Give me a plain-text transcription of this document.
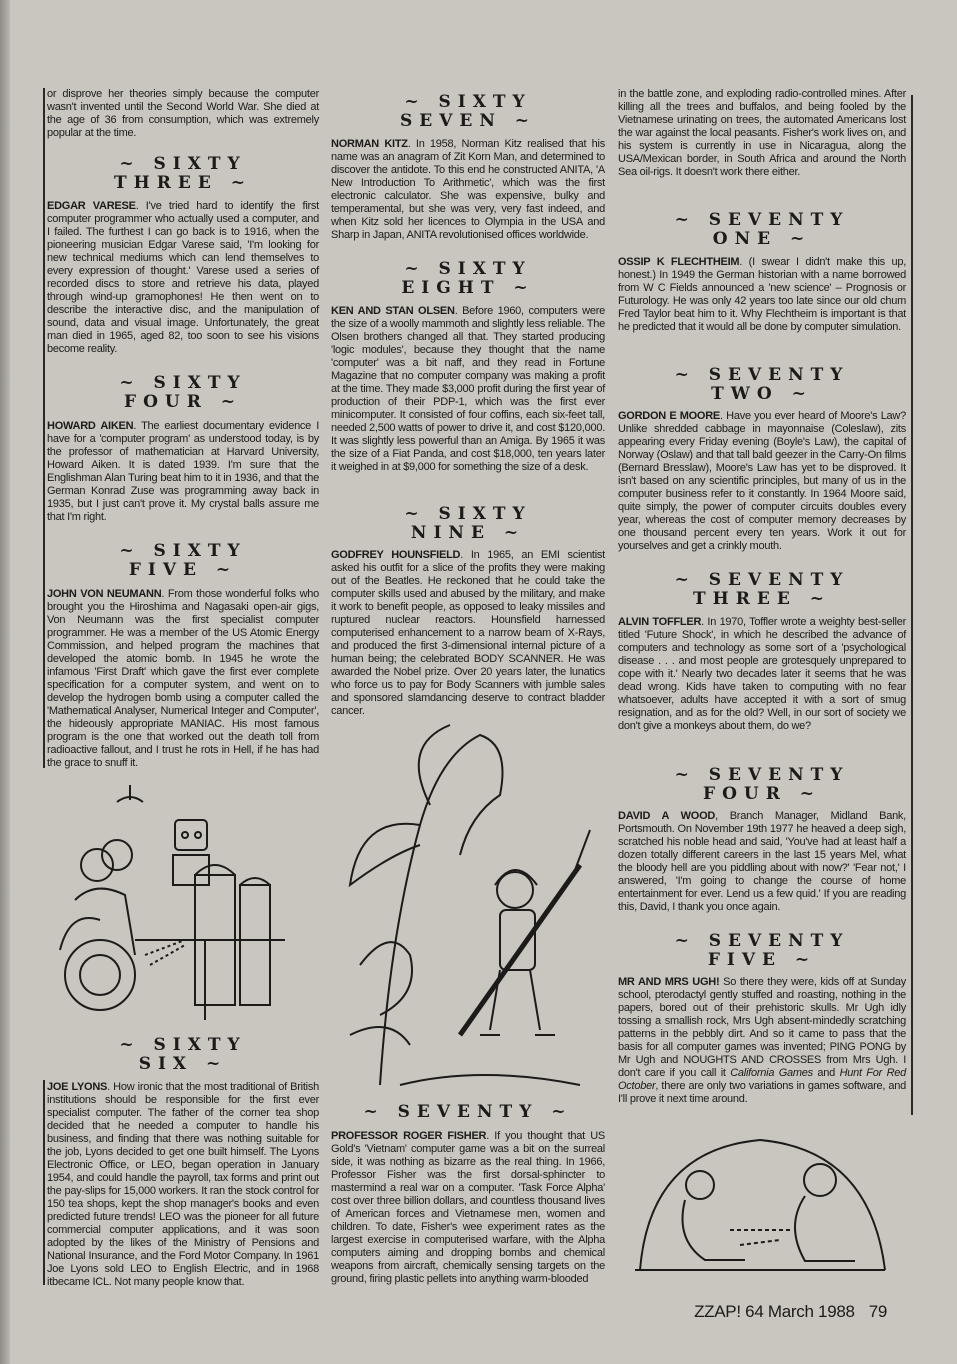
or disprove her theories simply because the computer wasn't invented until the Second World War. She died at the age of 36 from consumption, which was extremely popular at the time.

~ SIXTY
THREE ~

EDGAR VARESE. I've tried hard to identify the first computer programmer who actually used a computer, and I failed. The furthest I can go back is to 1916, when the pioneering musician Edgar Varese said, 'I'm looking for new technical mediums which can lend themselves to every expression of thought.' Varese used a series of recorded discs to store and retrieve his data, played through wind-up gramophones! He then went on to describe the interactive disc, and the manipulation of sound, data and visual image. Unfortunately, the great man died in 1965, aged 82, too soon to see his visions become reality.

~ SIXTY
FOUR ~

HOWARD AIKEN. The earliest documentary evidence I have for a 'computer program' as understood today, is by the professor of mathematician at Harvard University, Howard Aiken. It is dated 1939. I'm sure that the Englishman Alan Turing beat him to it in 1936, and that the German Konrad Zuse was programming away back in 1935, but I just can't prove it. My crystal balls assure me that I'm right.

~ SIXTY
FIVE ~

JOHN VON NEUMANN. From those wonderful folks who brought you the Hiroshima and Nagasaki open-air gigs, Von Neumann was the first specialist computer programmer. He was a member of the US Atomic Energy Commission, and helped program the machines that developed the atomic bomb. In 1945 he wrote the infamous 'First Draft' which gave the first ever complete specification for a computer system, and went on to develop the hydrogen bomb using a computer called the 'Mathematical Analyser, Numerical Integer and Computer', the hideously appropriate MANIAC. His most famous program is the one that worked out the death toll from radioactive fallout, and I trust he rots in Hell, if he has had the grace to snuff it.

~ SIXTY
SIX ~

JOE LYONS. How ironic that the most traditional of British institutions should be responsible for the first ever specialist computer. The father of the corner tea shop decided that he needed a computer to handle his business, and finding that there was nothing suitable for the job, Lyons decided to get one built himself. The Lyons Electronic Office, or LEO, began operation in January 1954, and could handle the payroll, tax forms and print out the pay-slips for 15,000 workers. It ran the stock control for 150 tea shops, kept the shop manager's books and even predicted future trends! LEO was the pioneer for all future commercial computer applications, and it was soon adopted by the likes of the Ministry of Pensions and National Insurance, and the Ford Motor Company. In 1961 Joe Lyons sold LEO to English Electric, and in 1968 itbecame ICL. Not many people know that.

~ SIXTY
SEVEN ~

NORMAN KITZ. In 1958, Norman Kitz realised that his name was an anagram of Zit Korn Man, and determined to discover the antidote. To this end he constructed ANITA, 'A New Introduction To Arithmetic', which was the first electronic calculator. She was expensive, bulky and temperamental, but she was very, very fast indeed, and when Kitz sold her licences to Olympia in the USA and Sharp in Japan, ANITA revolutionised offices worldwide.

~ SIXTY
EIGHT ~

KEN AND STAN OLSEN. Before 1960, computers were the size of a woolly mammoth and slightly less reliable. The Olsen brothers changed all that. They started producing 'logic modules', because they thought that the name 'computer' was a bit naff, and they read in Fortune Magazine that no computer company was making a profit at the time. They made $3,000 profit during the first year of production of their PDP-1, which was the first ever minicomputer. It consisted of four coffins, each six-feet tall, needed 2,500 watts of power to drive it, and cost $120,000. It was slightly less powerful than an Amiga. By 1965 it was the size of a Fiat Panda, and cost $18,000, ten years later it weighed in at $9,000 for something the size of a desk.

~ SIXTY
NINE ~

GODFREY HOUNSFIELD. In 1965, an EMI scientist asked his outfit for a slice of the profits they were making out of the Beatles. He reckoned that he could take the computer skills used and abused by the military, and make it work to benefit people, as opposed to leaky missiles and ruptured nuclear reactors. Hounsfield harnessed computerised enhancement to a narrow beam of X-Rays, and produced the first 3-dimensional internal picture of a human being; the celebrated BODY SCANNER. He was awarded the Nobel prize. Over 20 years later, the lunatics who force us to pay for Body Scanners with jumble sales and sponsored slamdancing deserve to contract bladder cancer.

~ SEVENTY ~

PROFESSOR ROGER FISHER. If you thought that US Gold's 'Vietnam' computer game was a bit on the surreal side, it was nothing as bizarre as the real thing. In 1966, Professor Fisher was the first dorsal-sphincter to mastermind a real war on a computer. 'Task Force Alpha' cost over three billion dollars, and countless thousand lives of American forces and Vietnamese men, women and children. To date, Fisher's wee experiment rates as the largest exercise in computerised warfare, with the Alpha computers aiming and dropping bombs and chemical weapons from aircraft, chemically sensing targets on the ground, firing plastic pellets into anything warm-blooded

in the battle zone, and exploding radio-controlled mines. After killing all the trees and buffalos, and being fooled by the Vietnamese urinating on trees, the automated Americans lost the war against the local peasants. Fisher's work lives on, and his system is currently in use in Nicaragua, along the USA/Mexican border, in South Africa and around the North Sea oil-rigs. It doesn't work there either.

~ SEVENTY
ONE ~

OSSIP K FLECHTHEIM. (I swear I didn't make this up, honest.) In 1949 the German historian with a name borrowed from W C Fields announced a 'new science' – Prognosis or Futurology. He was only 42 years too late since our old chum Fred Taylor beat him to it. Why Flechtheim is important is that he predicted that it would all be done by computer simulation.

~ SEVENTY
TWO ~

GORDON E MOORE. Have you ever heard of Moore's Law? Unlike shredded cabbage in mayonnaise (Coleslaw), zits appearing every Friday evening (Boyle's Law), the capital of Norway (Oslaw) and that tall bald geezer in the Carry-On films (Bernard Bresslaw), Moore's Law has yet to be disproved. It isn't based on any scientific principles, but many of us in the computer business refer to it constantly. In 1964 Moore said, quite simply, the power of computer circuits doubles every year, whereas the cost of computer memory decreases by one thousand percent every ten years. Work it out for yourselves and get a crinkly mouth.

~ SEVENTY
THREE ~

ALVIN TOFFLER. In 1970, Toffler wrote a weighty best-seller titled 'Future Shock', in which he described the advance of computers and technology as some sort of a 'psychological disease . . . and most people are grotesquely unprepared to cope with it.' Nearly two decades later it seems that he was dead wrong. Kids have taken to computing with no fear whatsoever, adults have accepted it with a sort of smug resignation, and as for the old? Well, in our sort of society we don't give a monkeys about them, do we?

~ SEVENTY
FOUR ~

DAVID A WOOD, Branch Manager, Midland Bank, Portsmouth. On November 19th 1977 he heaved a deep sigh, scratched his noble head and said, 'You've had at least half a dozen totally different careers in the last 15 years Mel, what the bloody hell are you piddling about with now?' 'Fear not,' I answered, 'I'm going to change the course of home entertainment for ever. Lend us a few quid.' If you are reading this, David, I thank you once again.

~ SEVENTY
FIVE ~

MR AND MRS UGH! So there they were, kids off at Sunday school, pterodactyl gently stuffed and roasting, nothing in the papers, bored out of their prehistoric skulls. Mr Ugh idly tossing a smallish rock, Mrs Ugh absent-mindedly scratching patterns in the pebbly dirt. And so it came to pass that the basis for all computer games was invented; PING PONG by Mr Ugh and NOUGHTS AND CROSSES from Mrs Ugh. I don't care if you call it California Games and Hunt For Red October, there are only two variations in games software, and I'll prove it next time around.

ZZAP! 64 March 1988 79
